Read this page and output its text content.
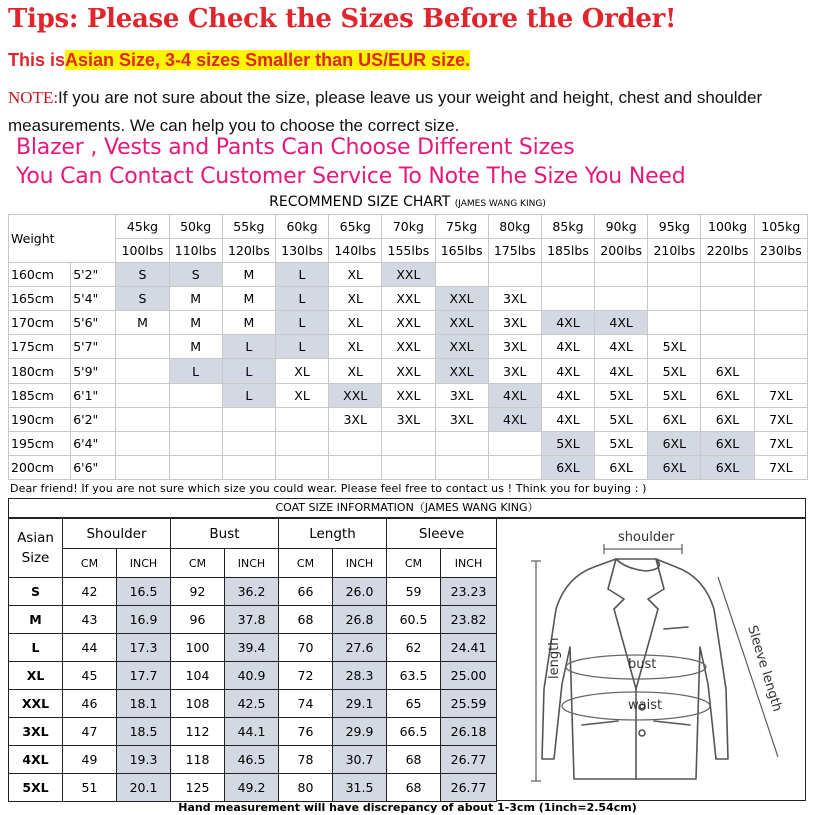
Tips: Please Check the Sizes Before the Order!
This isAsian Size, 3-4 sizes Smaller than US/EUR size.
NOTE:If you are not sure about the size, please leave us your weight and height, chest and shoulder measurements. We can help you to choose the correct size.
Blazer , Vests and Pants Can Choose Different Sizes
You Can Contact Customer Service To Note The Size You Need
RECOMMEND SIZE CHART (JAMES WANG KING)
Weight		45kg	50kg	55kg	60kg	65kg	70kg	75kg	80kg	85kg	90kg	95kg	100kg	105kg
		100lbs	110lbs	120lbs	130lbs	140lbs	155lbs	165lbs	175lbs	185lbs	200lbs	210lbs	220lbs	230lbs
160cm	5'2"	S	S	M	L	XL	XXL							
165cm	5'4"	S	M	M	L	XL	XXL	XXL	3XL					
170cm	5'6"	M	M	M	L	XL	XXL	XXL	3XL	4XL	4XL			
175cm	5'7"		M	L	L	XL	XXL	XXL	3XL	4XL	4XL	5XL		
180cm	5'9"		L	L	XL	XL	XXL	XXL	3XL	4XL	4XL	5XL	6XL	
185cm	6'1"			L	XL	XXL	XXL	3XL	4XL	4XL	5XL	5XL	6XL	7XL
190cm	6'2"					3XL	3XL	3XL	4XL	4XL	5XL	6XL	6XL	7XL
195cm	6'4"									5XL	5XL	6XL	6XL	7XL
200cm	6'6"									6XL	6XL	6XL	6XL	7XL
Dear friend! If you are not sure which size you could wear. Please feel free to contact us ! Think you for buying : )
COAT SIZE INFORMATION（JAMES WANG KING）
Asian
Size	Shoulder		Bust		Length		Sleeve	
	CM	INCH	CM	INCH	CM	INCH	CM	INCH
S	42	16.5	92	36.2	66	26.0	59	23.23
M	43	16.9	96	37.8	68	26.8	60.5	23.82
L	44	17.3	100	39.4	70	27.6	62	24.41
XL	45	17.7	104	40.9	72	28.3	63.5	25.00
XXL	46	18.1	108	42.5	74	29.1	65	25.59
3XL	47	18.5	112	44.1	76	29.9	66.5	26.18
4XL	49	19.3	118	46.5	78	30.7	68	26.77
5XL	51	20.1	125	49.2	80	31.5	68	26.77
shoulder
length	bust
waist	Sleeve length
Hand measurement will have discrepancy of about 1-3cm (1inch=2.54cm)
